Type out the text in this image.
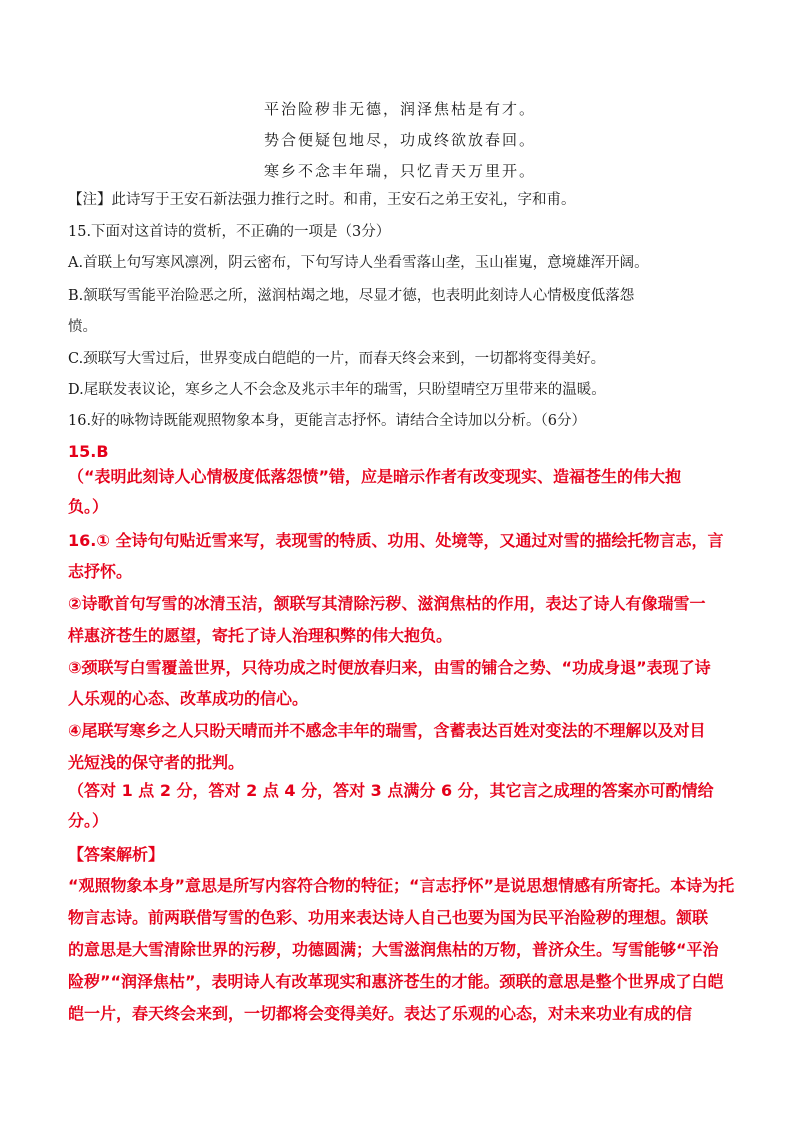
平治险秽非无德，润泽焦枯是有才。
势合便疑包地尽，功成终欲放春回。
寒乡不念丰年瑞，只忆青天万里开。
【注】此诗写于王安石新法强力推行之时。和甫，王安石之弟王安礼，字和甫。
15.下面对这首诗的赏析，不正确的一项是（3分）
A.首联上句写寒风凛冽，阴云密布，下句写诗人坐看雪落山垄，玉山崔嵬，意境雄浑开阔。
B.颔联写雪能平治险恶之所，滋润枯竭之地，尽显才德，也表明此刻诗人心情极度低落怨
愤。
C.颈联写大雪过后，世界变成白皑皑的一片，而春天终会来到，一切都将变得美好。
D.尾联发表议论，寒乡之人不会念及兆示丰年的瑞雪，只盼望晴空万里带来的温暖。
16.好的咏物诗既能观照物象本身，更能言志抒怀。请结合全诗加以分析。（6分）
15.B
（“表明此刻诗人心情极度低落怨愤”错，应是暗示作者有改变现实、造福苍生的伟大抱
负。）
16.① 全诗句句贴近雪来写，表现雪的特质、功用、处境等，又通过对雪的描绘托物言志，言
志抒怀。
②诗歌首句写雪的冰清玉洁，颔联写其清除污秽、滋润焦枯的作用，表达了诗人有像瑞雪一
样惠济苍生的愿望，寄托了诗人治理积弊的伟大抱负。
③颈联写白雪覆盖世界，只待功成之时便放春归来，由雪的铺合之势、“功成身退”表现了诗
人乐观的心态、改革成功的信心。
④尾联写寒乡之人只盼天晴而并不感念丰年的瑞雪，含蓄表达百姓对变法的不理解以及对目
光短浅的保守者的批判。
（答对 1 点 2 分，答对 2 点 4 分，答对 3 点满分 6 分，其它言之成理的答案亦可酌情给
分。）
【答案解析】
“观照物象本身”意思是所写内容符合物的特征；“言志抒怀”是说思想情感有所寄托。本诗为托
物言志诗。前两联借写雪的色彩、功用来表达诗人自己也要为国为民平治险秽的理想。颔联
的意思是大雪清除世界的污秽，功德圆满；大雪滋润焦枯的万物，普济众生。写雪能够“平治
险秽”“润泽焦枯”，表明诗人有改革现实和惠济苍生的才能。颈联的意思是整个世界成了白皑
皑一片，春天终会来到，一切都将会变得美好。表达了乐观的心态，对未来功业有成的信
